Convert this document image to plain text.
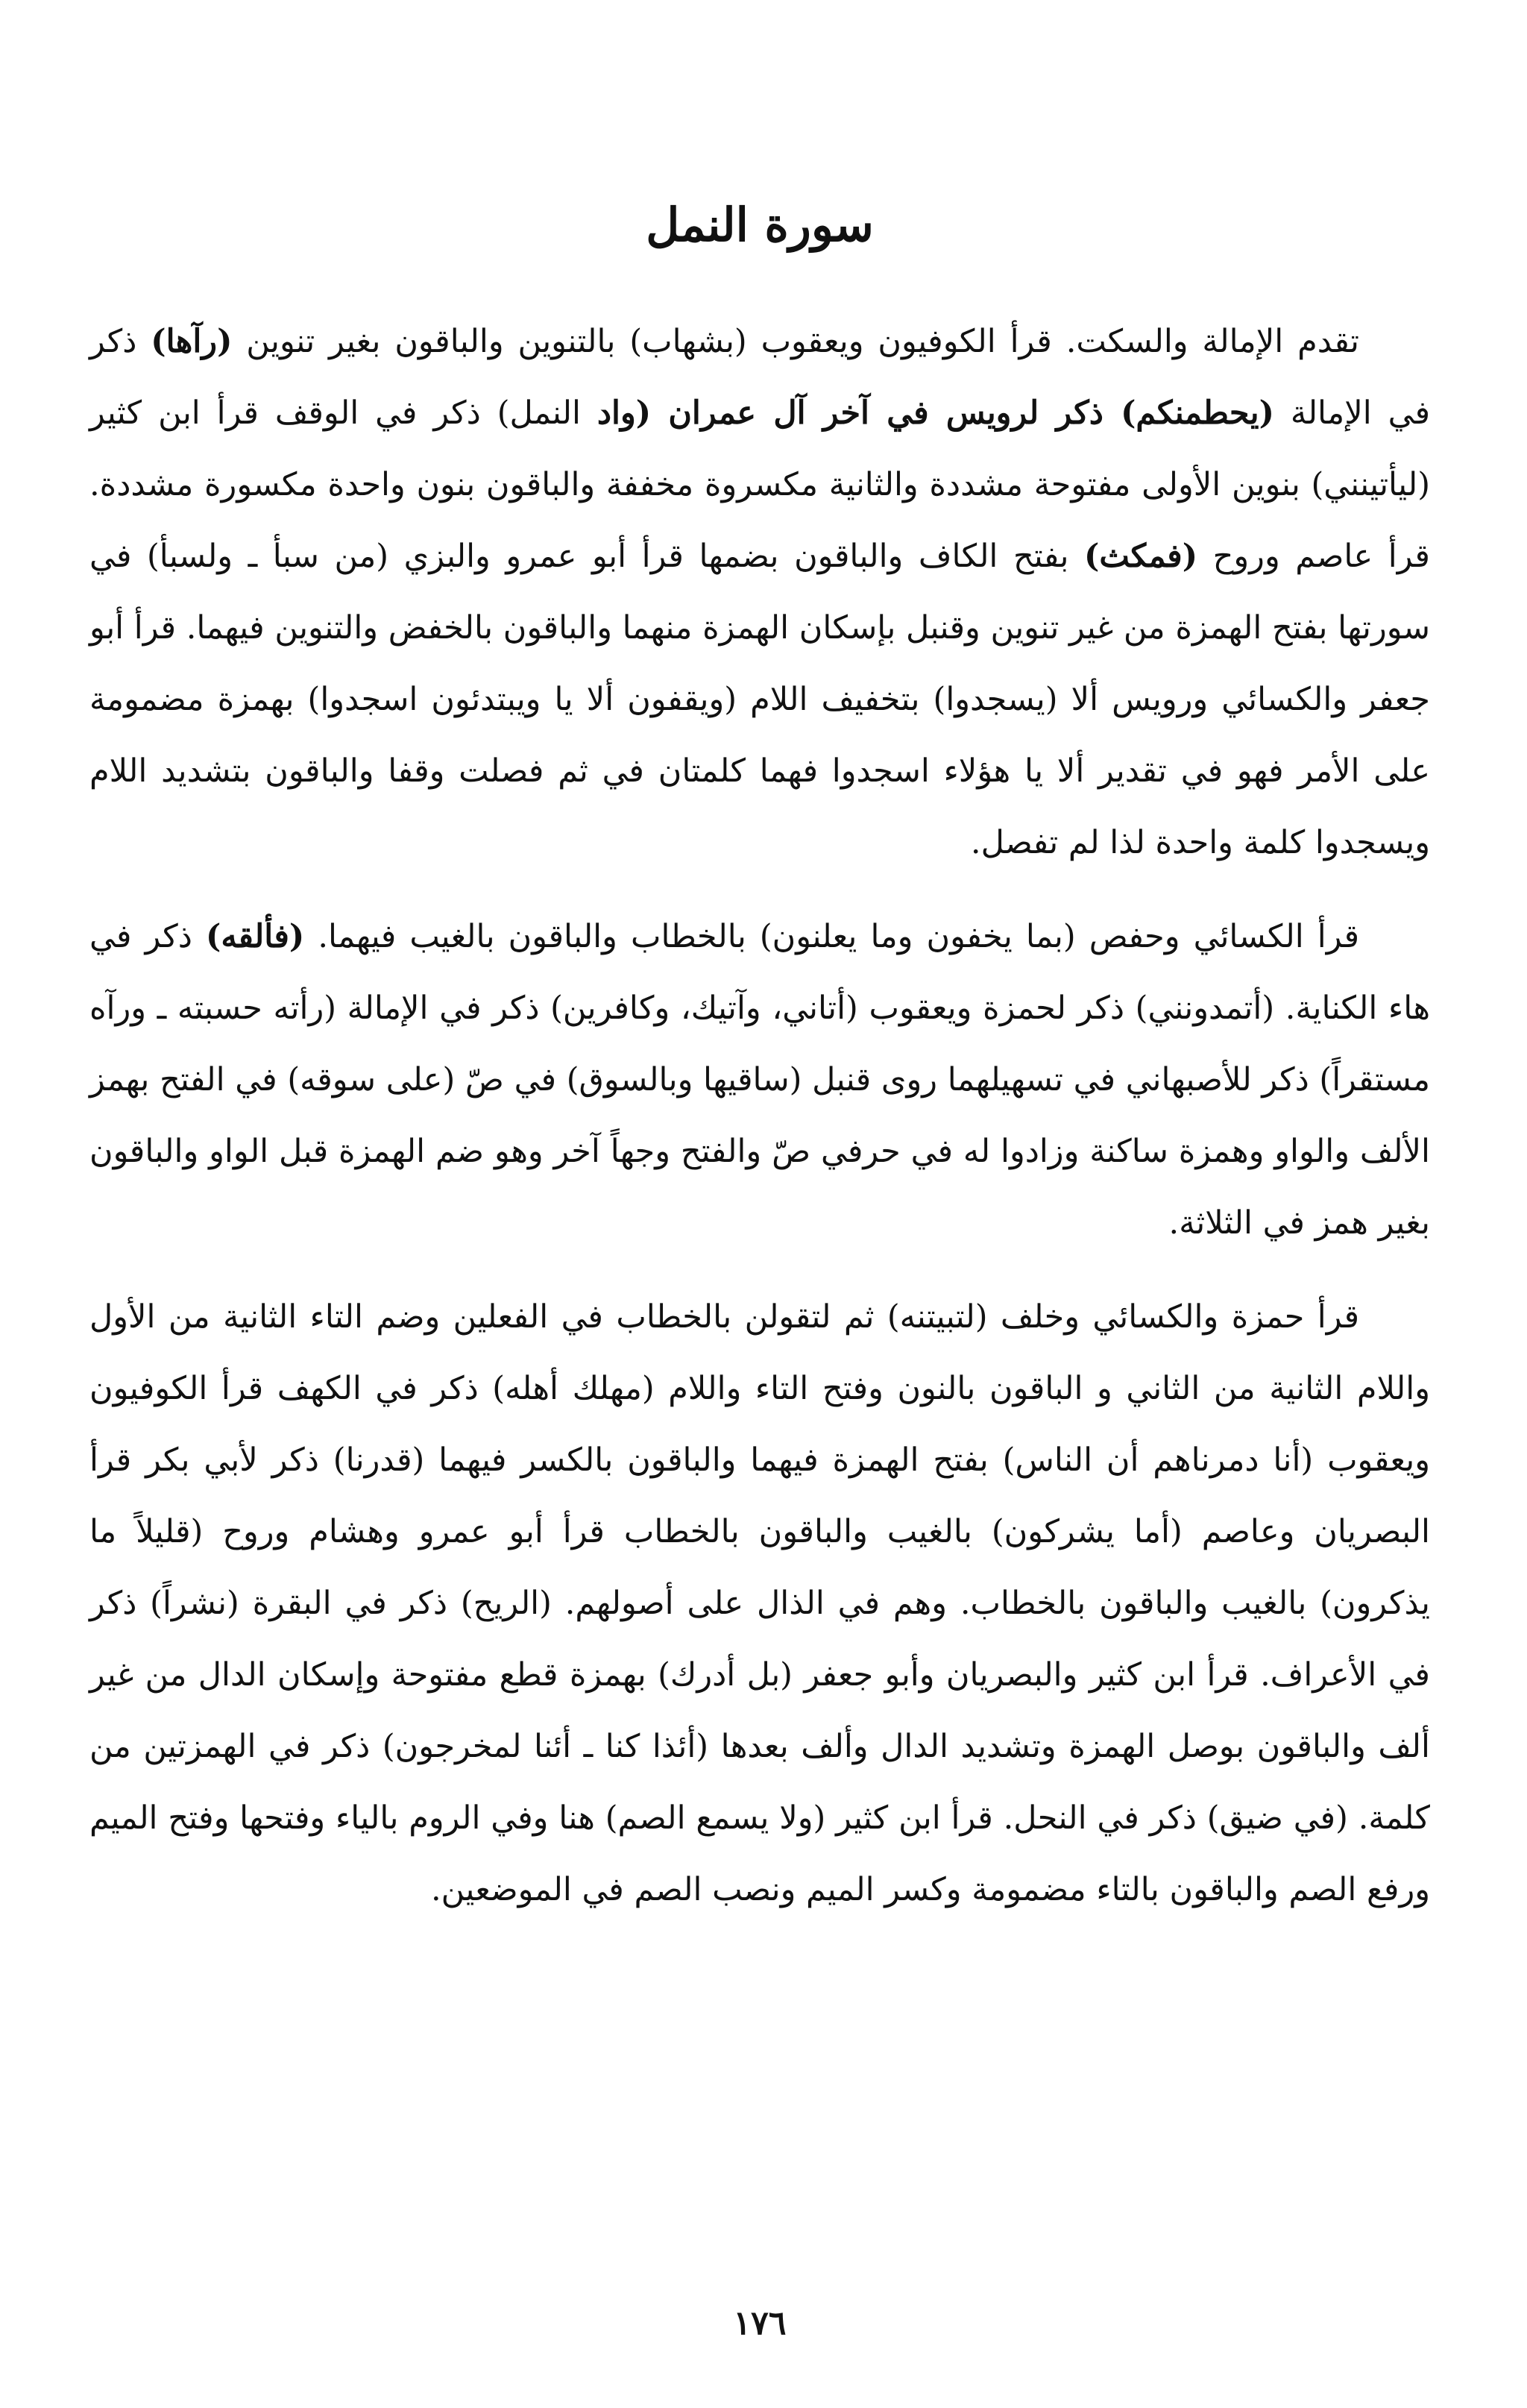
سورة النمل

تقدم الإمالة والسكت. قرأ الكوفيون ويعقوب (بشهاب) بالتنوين والباقون بغير تنوين (رآها) ذكر في الإمالة (يحطمنكم) ذكر لرويس في آخر آل عمران (واد النمل) ذكر في الوقف قرأ ابن كثير (ليأتينني) بنوين الأولى مفتوحة مشددة والثانية مكسروة مخففة والباقون بنون واحدة مكسورة مشددة. قرأ عاصم وروح (فمكث) بفتح الكاف والباقون بضمها قرأ أبو عمرو والبزي (من سبأ ـ ولسبأ) في سورتها بفتح الهمزة من غير تنوين وقنبل بإسكان الهمزة منهما والباقون بالخفض والتنوين فيهما. قرأ أبو جعفر والكسائي ورويس ألا (يسجدوا) بتخفيف اللام (ويقفون ألا يا ويبتدئون اسجدوا) بهمزة مضمومة على الأمر فهو في تقدير ألا يا هؤلاء اسجدوا فهما كلمتان في ثم فصلت وقفا والباقون بتشديد اللام ويسجدوا كلمة واحدة لذا لم تفصل.

قرأ الكسائي وحفص (بما يخفون وما يعلنون) بالخطاب والباقون بالغيب فيهما. (فألقه) ذكر في هاء الكناية. (أتمدونني) ذكر لحمزة ويعقوب (أتاني، وآتيك، وكافرين) ذكر في الإمالة (رأته حسبته ـ ورآه مستقراً) ذكر للأصبهاني في تسهيلهما روى قنبل (ساقيها وبالسوق) في صّ (على سوقه) في الفتح بهمز الألف والواو وهمزة ساكنة وزادوا له في حرفي صّ والفتح وجهاً آخر وهو ضم الهمزة قبل الواو والباقون بغير همز في الثلاثة.

قرأ حمزة والكسائي وخلف (لتبيتنه) ثم لتقولن بالخطاب في الفعلين وضم التاء الثانية من الأول واللام الثانية من الثاني و الباقون بالنون وفتح التاء واللام (مهلك أهله) ذكر في الكهف قرأ الكوفيون ويعقوب (أنا دمرناهم أن الناس) بفتح الهمزة فيهما والباقون بالكسر فيهما (قدرنا) ذكر لأبي بكر قرأ البصريان وعاصم (أما يشركون) بالغيب والباقون بالخطاب قرأ أبو عمرو وهشام وروح (قليلاً ما يذكرون) بالغيب والباقون بالخطاب. وهم في الذال على أصولهم. (الريح) ذكر في البقرة (نشراً) ذكر في الأعراف. قرأ ابن كثير والبصريان وأبو جعفر (بل أدرك) بهمزة قطع مفتوحة وإسكان الدال من غير ألف والباقون بوصل الهمزة وتشديد الدال وألف بعدها (أئذا كنا ـ أئنا لمخرجون) ذكر في الهمزتين من كلمة. (في ضيق) ذكر في النحل. قرأ ابن كثير (ولا يسمع الصم) هنا وفي الروم بالياء وفتحها وفتح الميم ورفع الصم والباقون بالتاء مضمومة وكسر الميم ونصب الصم في الموضعين.

١٧٦
